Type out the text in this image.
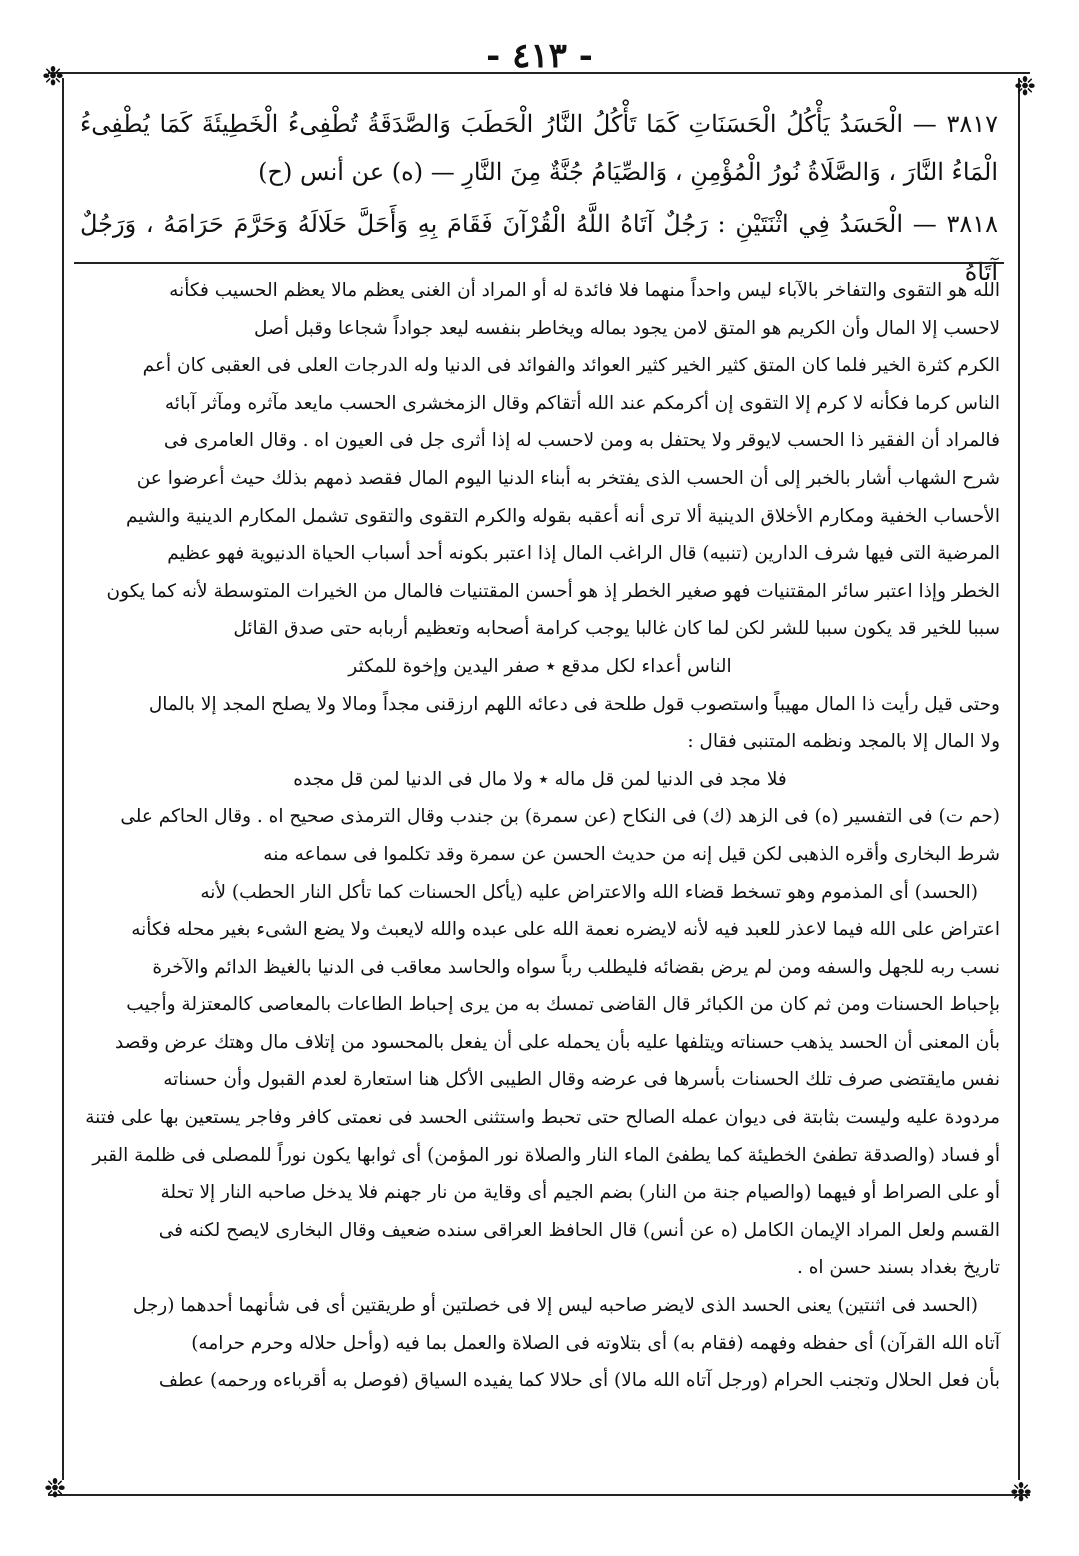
- ٤١٣ -
❉	❉
❉	❉

٣٨١٧ — الْحَسَدُ يَأْكُلُ الْحَسَنَاتِ كَمَا تَأْكُلُ النَّارُ الْحَطَبَ وَالصَّدَقَةُ تُطْفِىءُ الْخَطِيئَةَ كَمَا يُطْفِىءُ الْمَاءُ النَّارَ ، وَالصَّلَاةُ نُورُ الْمُؤْمِنِ ، وَالصِّيَامُ جُنَّةٌ مِنَ النَّارِ — (ه) عن أنس (ح)

٣٨١٨ — الْحَسَدُ فِي اثْنَتَيْنِ : رَجُلٌ آتَاهُ اللَّهُ الْقُرْآنَ فَقَامَ بِهِ وَأَحَلَّ حَلَالَهُ وَحَرَّمَ حَرَامَهُ ، وَرَجُلٌ آتَاهُ

الله هو التقوى والتفاخر بالآباء ليس واحداً منهما فلا فائدة له أو المراد أن الغنى يعظم مالا يعظم الحسيب فكأنه

لاحسب إلا المال وأن الكريم هو المتق لامن يجود بماله ويخاطر بنفسه ليعد جواداً شجاعا وقبل أصل

الكرم كثرة الخير فلما كان المتق كثير الخير كثير العوائد والفوائد فى الدنيا وله الدرجات العلى فى العقبى كان أعم

الناس كرما فكأنه لا كرم إلا التقوى إن أكرمكم عند الله أتقاكم وقال الزمخشرى الحسب مايعد مآثره ومآثر آبائه

فالمراد أن الفقير ذا الحسب لايوقر ولا يحتفل به ومن لاحسب له إذا أثرى جل فى العيون اه . وقال العامرى فى

شرح الشهاب أشار بالخبر إلى أن الحسب الذى يفتخر به أبناء الدنيا اليوم المال فقصد ذمهم بذلك حيث أعرضوا عن

الأحساب الخفية ومكارم الأخلاق الدينية ألا ترى أنه أعقبه بقوله والكرم التقوى والتقوى تشمل المكارم الدينية والشيم

المرضية التى فيها شرف الدارين (تنبيه) قال الراغب المال إذا اعتبر بكونه أحد أسباب الحياة الدنيوية فهو عظيم

الخطر وإذا اعتبر سائر المقتنيات فهو صغير الخطر إذ هو أحسن المقتنيات فالمال من الخيرات المتوسطة لأنه كما يكون

سببا للخير قد يكون سببا للشر لكن لما كان غالبا يوجب كرامة أصحابه وتعظيم أربابه حتى صدق القائل

الناس أعداء لكل مدقع ٭ صفر اليدين وإخوة للمكثر

وحتى قيل رأيت ذا المال مهيباً واستصوب قول طلحة فى دعائه اللهم ارزقنى مجداً ومالا ولا يصلح المجد إلا بالمال

ولا المال إلا بالمجد ونظمه المتنبى فقال :

فلا مجد فى الدنيا لمن قل ماله ٭ ولا مال فى الدنيا لمن قل مجده

(حم ت) فى التفسير (ه) فى الزهد (ك) فى النكاح (عن سمرة) بن جندب وقال الترمذى صحيح اه . وقال الحاكم على

شرط البخارى وأقره الذهبى لكن قيل إنه من حديث الحسن عن سمرة وقد تكلموا فى سماعه منه

(الحسد) أى المذموم وهو تسخط قضاء الله والاعتراض عليه (يأكل الحسنات كما تأكل النار الحطب) لأنه

اعتراض على الله فيما لاعذر للعبد فيه لأنه لايضره نعمة الله على عبده والله لايعبث ولا يضع الشىء بغير محله فكأنه

نسب ربه للجهل والسفه ومن لم يرض بقضائه فليطلب رباً سواه والحاسد معاقب فى الدنيا بالغيظ الدائم والآخرة

بإحباط الحسنات ومن ثم كان من الكبائر قال القاضى تمسك به من يرى إحباط الطاعات بالمعاصى كالمعتزلة وأجيب

بأن المعنى أن الحسد يذهب حسناته ويتلفها عليه بأن يحمله على أن يفعل بالمحسود من إتلاف مال وهتك عرض وقصد

نفس مايقتضى صرف تلك الحسنات بأسرها فى عرضه وقال الطيبى الأكل هنا استعارة لعدم القبول وأن حسناته

مردودة عليه وليست بثابتة فى ديوان عمله الصالح حتى تحبط واستثنى الحسد فى نعمتى كافر وفاجر يستعين بها على فتنة

أو فساد (والصدقة تطفئ الخطيئة كما يطفئ الماء النار والصلاة نور المؤمن) أى ثوابها يكون نوراً للمصلى فى ظلمة القبر

أو على الصراط أو فيهما (والصيام جنة من النار) بضم الجيم أى وقاية من نار جهنم فلا يدخل صاحبه النار إلا تحلة

القسم ولعل المراد الإيمان الكامل (ه عن أنس) قال الحافظ العراقى سنده ضعيف وقال البخارى لايصح لكنه فى

تاريخ بغداد بسند حسن اه .

(الحسد فى اثنتين) يعنى الحسد الذى لايضر صاحبه ليس إلا فى خصلتين أو طريقتين أى فى شأنهما أحدهما (رجل

آتاه الله القرآن) أى حفظه وفهمه (فقام به) أى بتلاوته فى الصلاة والعمل بما فيه (وأحل حلاله وحرم حرامه)

بأن فعل الحلال وتجنب الحرام (ورجل آتاه الله مالا) أى حلالا كما يفيده السياق (فوصل به أقرباءه ورحمه) عطف
